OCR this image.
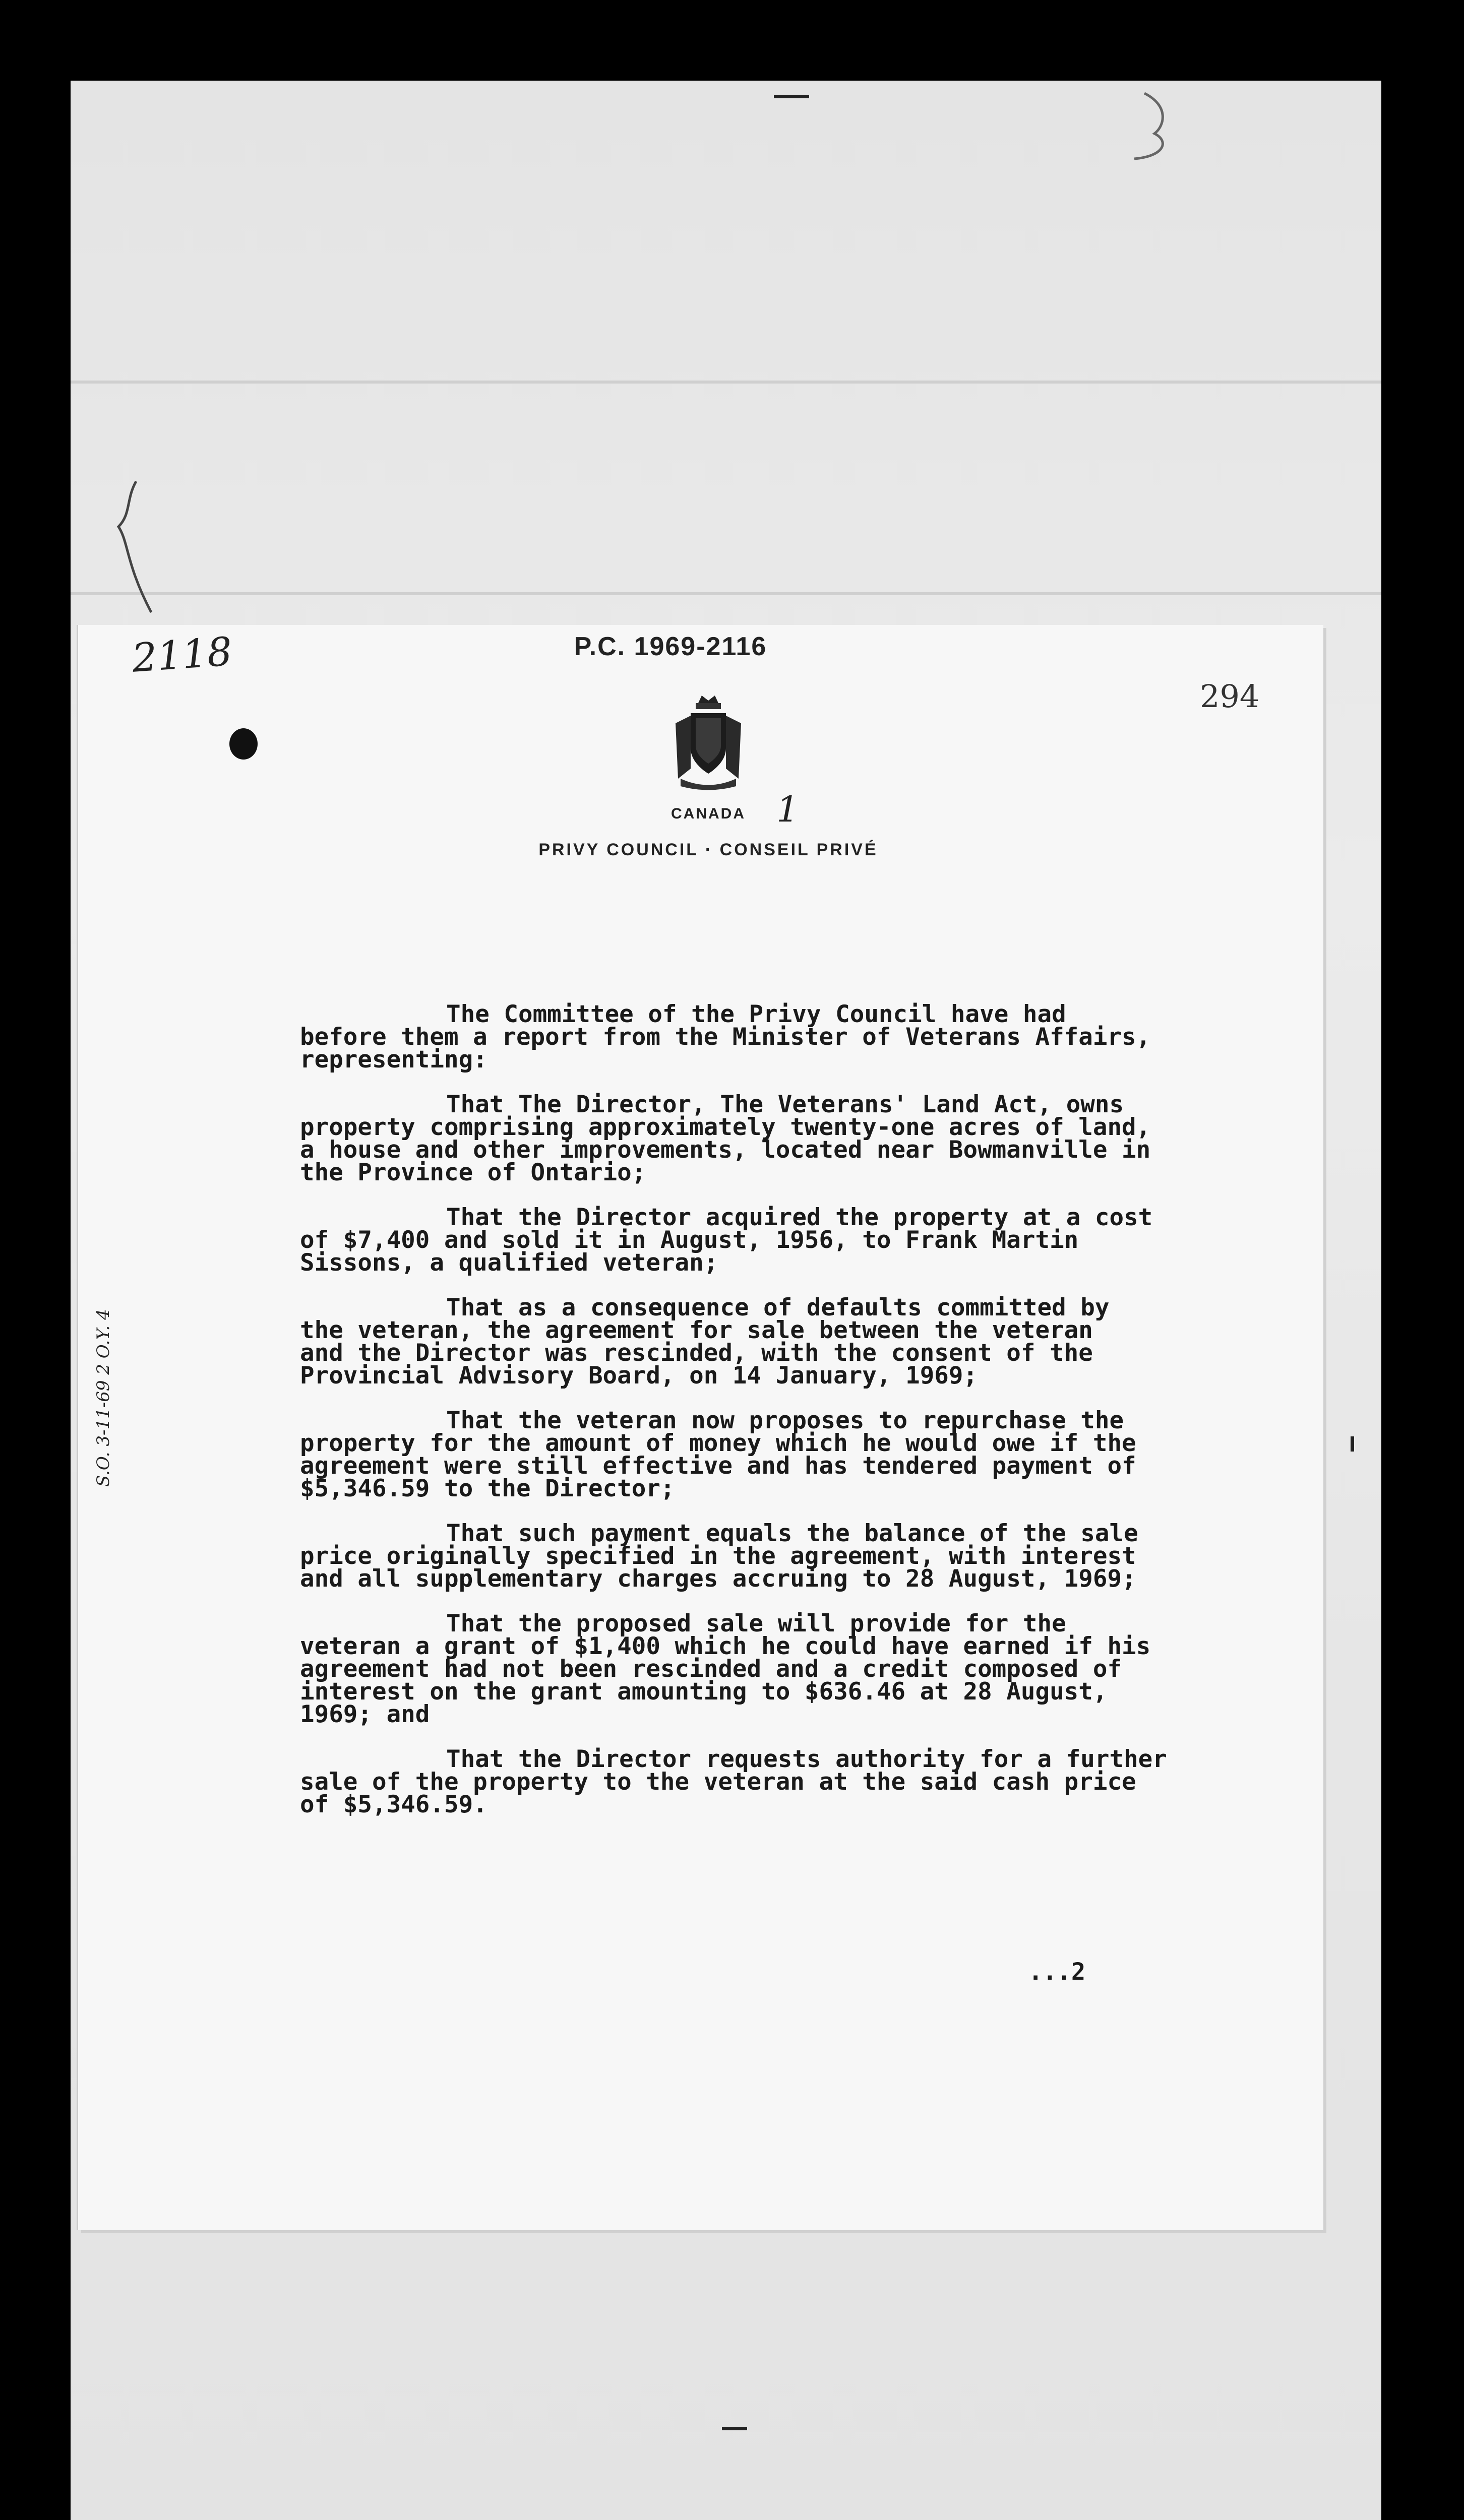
2118	P.C. 1969-2116
294
CANADA 1
PRIVY COUNCIL · CONSEIL PRIVÉ
S.O. 3-11-69 2 O.Y. 4

The Committee of the Privy Council have had
before them a report from the Minister of Veterans Affairs,
representing:

That The Director, The Veterans' Land Act, owns
property comprising approximately twenty-one acres of land,
a house and other improvements, located near Bowmanville in
the Province of Ontario;

That the Director acquired the property at a cost
of $7,400 and sold it in August, 1956, to Frank Martin
Sissons, a qualified veteran;

That as a consequence of defaults committed by
the veteran, the agreement for sale between the veteran
and the Director was rescinded, with the consent of the
Provincial Advisory Board, on 14 January, 1969;

That the veteran now proposes to repurchase the
property for the amount of money which he would owe if the
agreement were still effective and has tendered payment of
$5,346.59 to the Director;

That such payment equals the balance of the sale
price originally specified in the agreement, with interest
and all supplementary charges accruing to 28 August, 1969;

That the proposed sale will provide for the
veteran a grant of $1,400 which he could have earned if his
agreement had not been rescinded and a credit composed of
interest on the grant amounting to $636.46 at 28 August,
1969; and

That the Director requests authority for a further
sale of the property to the veteran at the said cash price
of $5,346.59.

...2
